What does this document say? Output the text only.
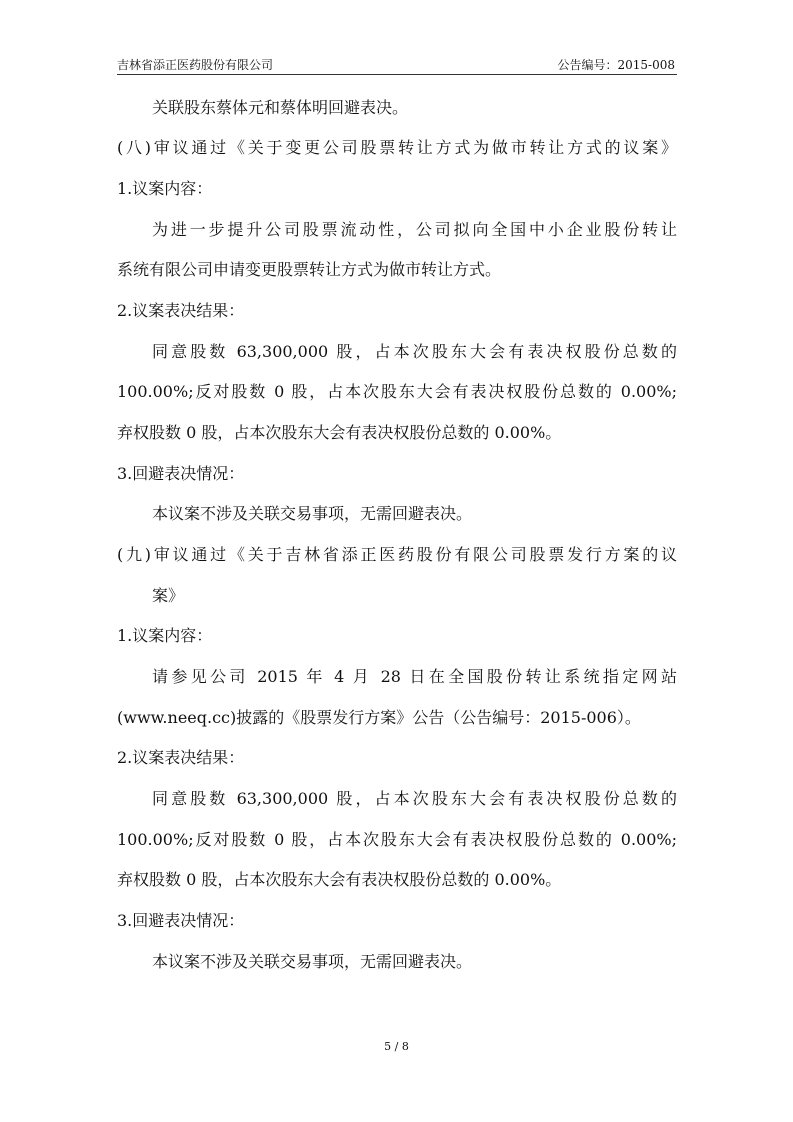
吉林省添正医药股份有限公司	公告编号：2015-008
关联股东蔡体元和蔡体明回避表决。
(八)审议通过《关于变更公司股票转让方式为做市转让方式的议案》
1.议案内容：
为进一步提升公司股票流动性，公司拟向全国中小企业股份转让
系统有限公司申请变更股票转让方式为做市转让方式。
2.议案表决结果：
同意股数 63,300,000 股，占本次股东大会有表决权股份总数的
100.00%;反对股数 0 股，占本次股东大会有表决权股份总数的 0.00%;
弃权股数 0 股，占本次股东大会有表决权股份总数的 0.00%。
3.回避表决情况：
本议案不涉及关联交易事项，无需回避表决。
(九)审议通过《关于吉林省添正医药股份有限公司股票发行方案的议
案》
1.议案内容：
请参见公司 2015 年 4 月 28 日在全国股份转让系统指定网站
(www.neeq.cc)披露的《股票发行方案》公告（公告编号：2015-006）。
2.议案表决结果：
同意股数 63,300,000 股，占本次股东大会有表决权股份总数的
100.00%;反对股数 0 股，占本次股东大会有表决权股份总数的 0.00%;
弃权股数 0 股，占本次股东大会有表决权股份总数的 0.00%。
3.回避表决情况：
本议案不涉及关联交易事项，无需回避表决。
5 / 8
